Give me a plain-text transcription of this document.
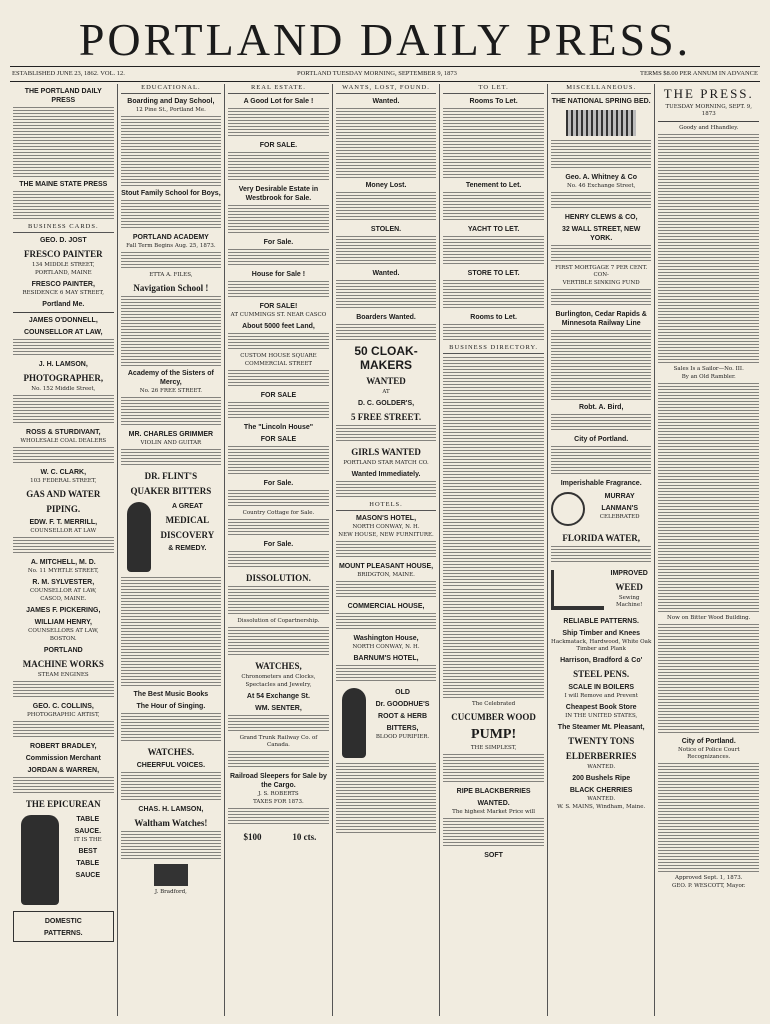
PORTLAND DAILY PRESS.
ESTABLISHED JUNE 23, 1862. VOL. 12.	PORTLAND TUESDAY MORNING, SEPTEMBER 9, 1873	TERMS $8.00 PER ANNUM IN ADVANCE
THE PORTLAND DAILY PRESS
THE MAINE STATE PRESS
BUSINESS CARDS.
GEO. D. JOST
FRESCO PAINTER
134 MIDDLE STREET,
PORTLAND, MAINE
FRESCO PAINTER,
RESIDENCE 6 MAY STREET,
Portland Me.
JAMES O'DONNELL,
COUNSELLOR AT LAW,
J. H. LAMSON,
PHOTOGRAPHER,
No. 152 Middle Street,
ROSS & STURDIVANT,
WHOLESALE COAL DEALERS
W. C. CLARK,
103 FEDERAL STREET,
GAS AND WATER
PIPING.
EDW. F. T. MERRILL,
COUNSELLOR AT LAW
A. MITCHELL, M. D.
No. 11 MYRTLE STREET,
R. M. SYLVESTER,
COUNSELLOR AT LAW,
CASCO, MAINE.
JAMES F. PICKERING,
WILLIAM HENRY,
COUNSELLORS AT LAW,
BOSTON.
PORTLAND
MACHINE WORKS
STEAM ENGINES
GEO. C. COLLINS,
PHOTOGRAPHIC ARTIST,
ROBERT BRADLEY,
Commission Merchant
JORDAN & WARREN,
THE EPICUREAN
TABLE
SAUCE.
IT IS THE
BEST
TABLE
SAUCE
DOMESTIC
PATTERNS.
EDUCATIONAL.
Boarding and Day School,
12 Pine St., Portland Me.
Stout Family School for Boys,
PORTLAND ACADEMY
Fall Term Begins Aug. 25, 1873.
ETTA A. FILES,
Navigation School !
Academy of the Sisters of Mercy,
No. 26 FREE STREET.
MR. CHARLES GRIMMER
VIOLIN AND GUITAR
DR. FLINT'S
QUAKER BITTERS
A GREAT
MEDICAL
DISCOVERY
& REMEDY.
The Best Music Books
The Hour of Singing.
WATCHES.
CHEERFUL VOICES.
CHAS. H. LAMSON,
Waltham Watches!
J. Bradford,
REAL ESTATE.
A Good Lot for Sale !
FOR SALE.
Very Desirable Estate in Westbrook for Sale.
For Sale.
House for Sale !
FOR SALE!
AT CUMMINGS ST. NEAR CASCO
About 5000 feet Land,
CUSTOM HOUSE SQUARE
COMMERCIAL STREET
FOR SALE
The "Lincoln House"
FOR SALE
For Sale.
Country Cottage for Sale.
For Sale.
DISSOLUTION.
Dissolution of Copartnership.
WATCHES,
Chronometers and Clocks,
Spectacles and Jewelry,
At 54 Exchange St.
WM. SENTER,
Grand Trunk Railway Co. of Canada.
Railroad Sleepers for Sale by the Cargo.
J. S. ROBERTS
TAXES FOR 1873.
$100	10 cts.
WANTS, LOST, FOUND.
Wanted.
Money Lost.
STOLEN.
Wanted.
Boarders Wanted.
50 CLOAK-MAKERS
WANTED
AT
D. C. GOLDER'S,
5 FREE STREET.
GIRLS WANTED
PORTLAND STAR MATCH CO.
Wanted Immediately.
HOTELS.
MASON'S HOTEL,
NORTH CONWAY, N. H.
NEW HOUSE, NEW FURNITURE.
MOUNT PLEASANT HOUSE,
BRIDGTON, MAINE.
COMMERCIAL HOUSE,
Washington House,
NORTH CONWAY, N. H.
BARNUM'S HOTEL,
OLD
Dr. GOODHUE'S
ROOT & HERB
BITTERS,
BLOOD PURIFIER.
TO LET.
Rooms To Let.
Tenement to Let.
YACHT TO LET.
STORE TO LET.
Rooms to Let.
BUSINESS DIRECTORY.
The Celebrated
CUCUMBER WOOD
PUMP!
THE SIMPLEST,
RIPE BLACKBERRIES
WANTED.
The highest Market Price will
SOFT
MISCELLANEOUS.
THE NATIONAL SPRING BED.
Geo. A. Whitney & Co
No. 46 Exchange Street,
HENRY CLEWS & CO,
32 WALL STREET, NEW YORK.
FIRST MORTGAGE 7 PER CENT. CON-
VERTIBLE SINKING FUND
Burlington, Cedar Rapids & Minnesota Railway Line
Robt. A. Bird,
City of Portland.
Imperishable Fragrance.
MURRAY
LANMAN'S
CELEBRATED
FLORIDA WATER,
IMPROVED
WEED
Sewing Machine!
RELIABLE PATTERNS.
Ship Timber and Knees
Hackmatack, Hardwood, White Oak Timber and Plank
Harrison, Bradford & Co'
STEEL PENS.
SCALE IN BOILERS
I will Remove and Prevent
Cheapest Book Store
IN THE UNITED STATES,
The Steamer Mt. Pleasant,
TWENTY TONS
ELDERBERRIES
WANTED.
200 Bushels Ripe
BLACK CHERRIES
WANTED.
W. S. MAINS, Windham, Maine.
THE PRESS.
TUESDAY MORNING, SEPT. 9, 1873
Goody and Hhandley.
Sales Is a Sailor—No. III.
By an Old Rambler.
Now on Bitter Wood Building.
City of Portland.
Notice of Police Court Recognizances.
Approved Sept. 1, 1873.
GEO. P. WESCOTT, Mayor.
